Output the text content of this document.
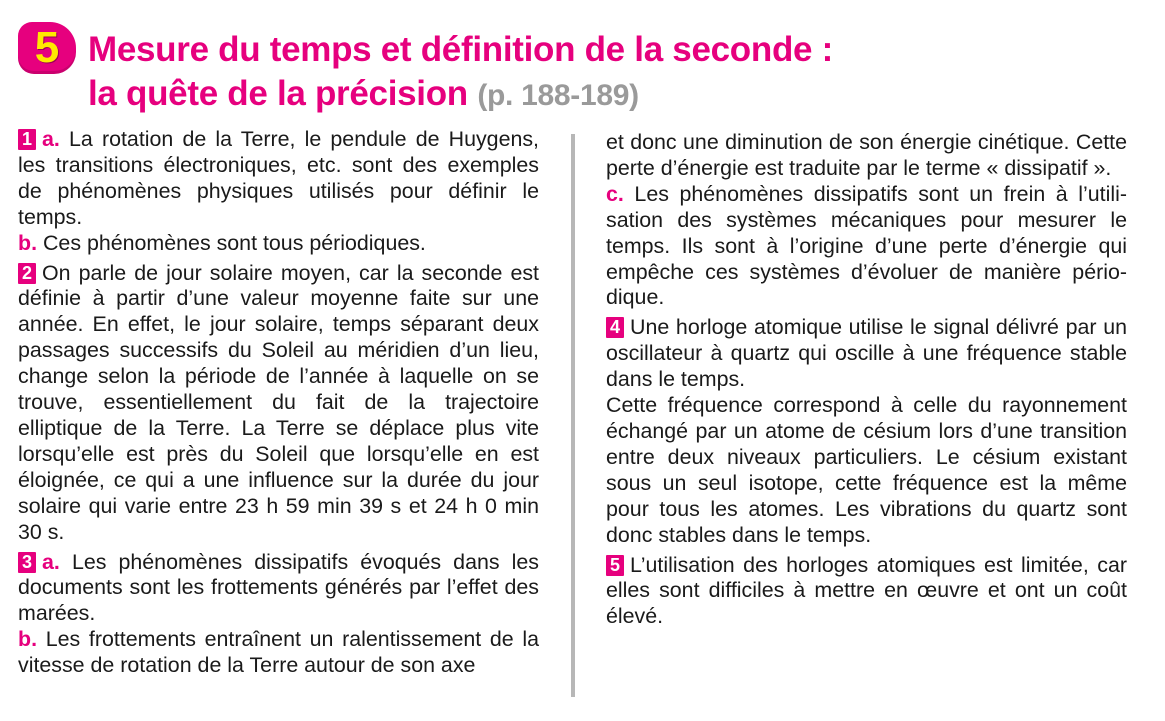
5 Mesure du temps et définition de la seconde :
la quête de la précision (p. 188-189)

1 a. La rotation de la Terre, le pendule de Huygens, les transitions électroniques, etc. sont des exemples de phénomènes physiques utilisés pour définir le temps.

b. Ces phénomènes sont tous périodiques.

2 On parle de jour solaire moyen, car la seconde est définie à partir d’une valeur moyenne faite sur une année. En effet, le jour solaire, temps séparant deux passages successifs du Soleil au méridien d’un lieu, change selon la période de l’année à laquelle on se trouve, essentiellement du fait de la trajectoire elliptique de la Terre. La Terre se déplace plus vite lorsqu’elle est près du Soleil que lorsqu’elle en est éloignée, ce qui a une influence sur la durée du jour solaire qui varie entre 23 h 59 min 39 s et 24 h 0 min 30 s.

3 a. Les phénomènes dissipatifs évoqués dans les documents sont les frottements générés par l’effet des marées.

b. Les frottements entraînent un ralentissement de la vitesse de rotation de la Terre autour de son axe

et donc une diminution de son énergie cinétique. Cette perte d’énergie est traduite par le terme « dissipatif ».

c. Les phénomènes dissipatifs sont un frein à l’utilisation des systèmes mécaniques pour mesurer le temps. Ils sont à l’origine d’une perte d’énergie qui empêche ces systèmes d’évoluer de manière périodique.

4 Une horloge atomique utilise le signal délivré par un oscillateur à quartz qui oscille à une fréquence stable dans le temps.

Cette fréquence correspond à celle du rayonnement échangé par un atome de césium lors d’une transition entre deux niveaux particuliers. Le césium existant sous un seul isotope, cette fréquence est la même pour tous les atomes. Les vibrations du quartz sont donc stables dans le temps.

5 L’utilisation des horloges atomiques est limitée, car elles sont difficiles à mettre en œuvre et ont un coût élevé.
